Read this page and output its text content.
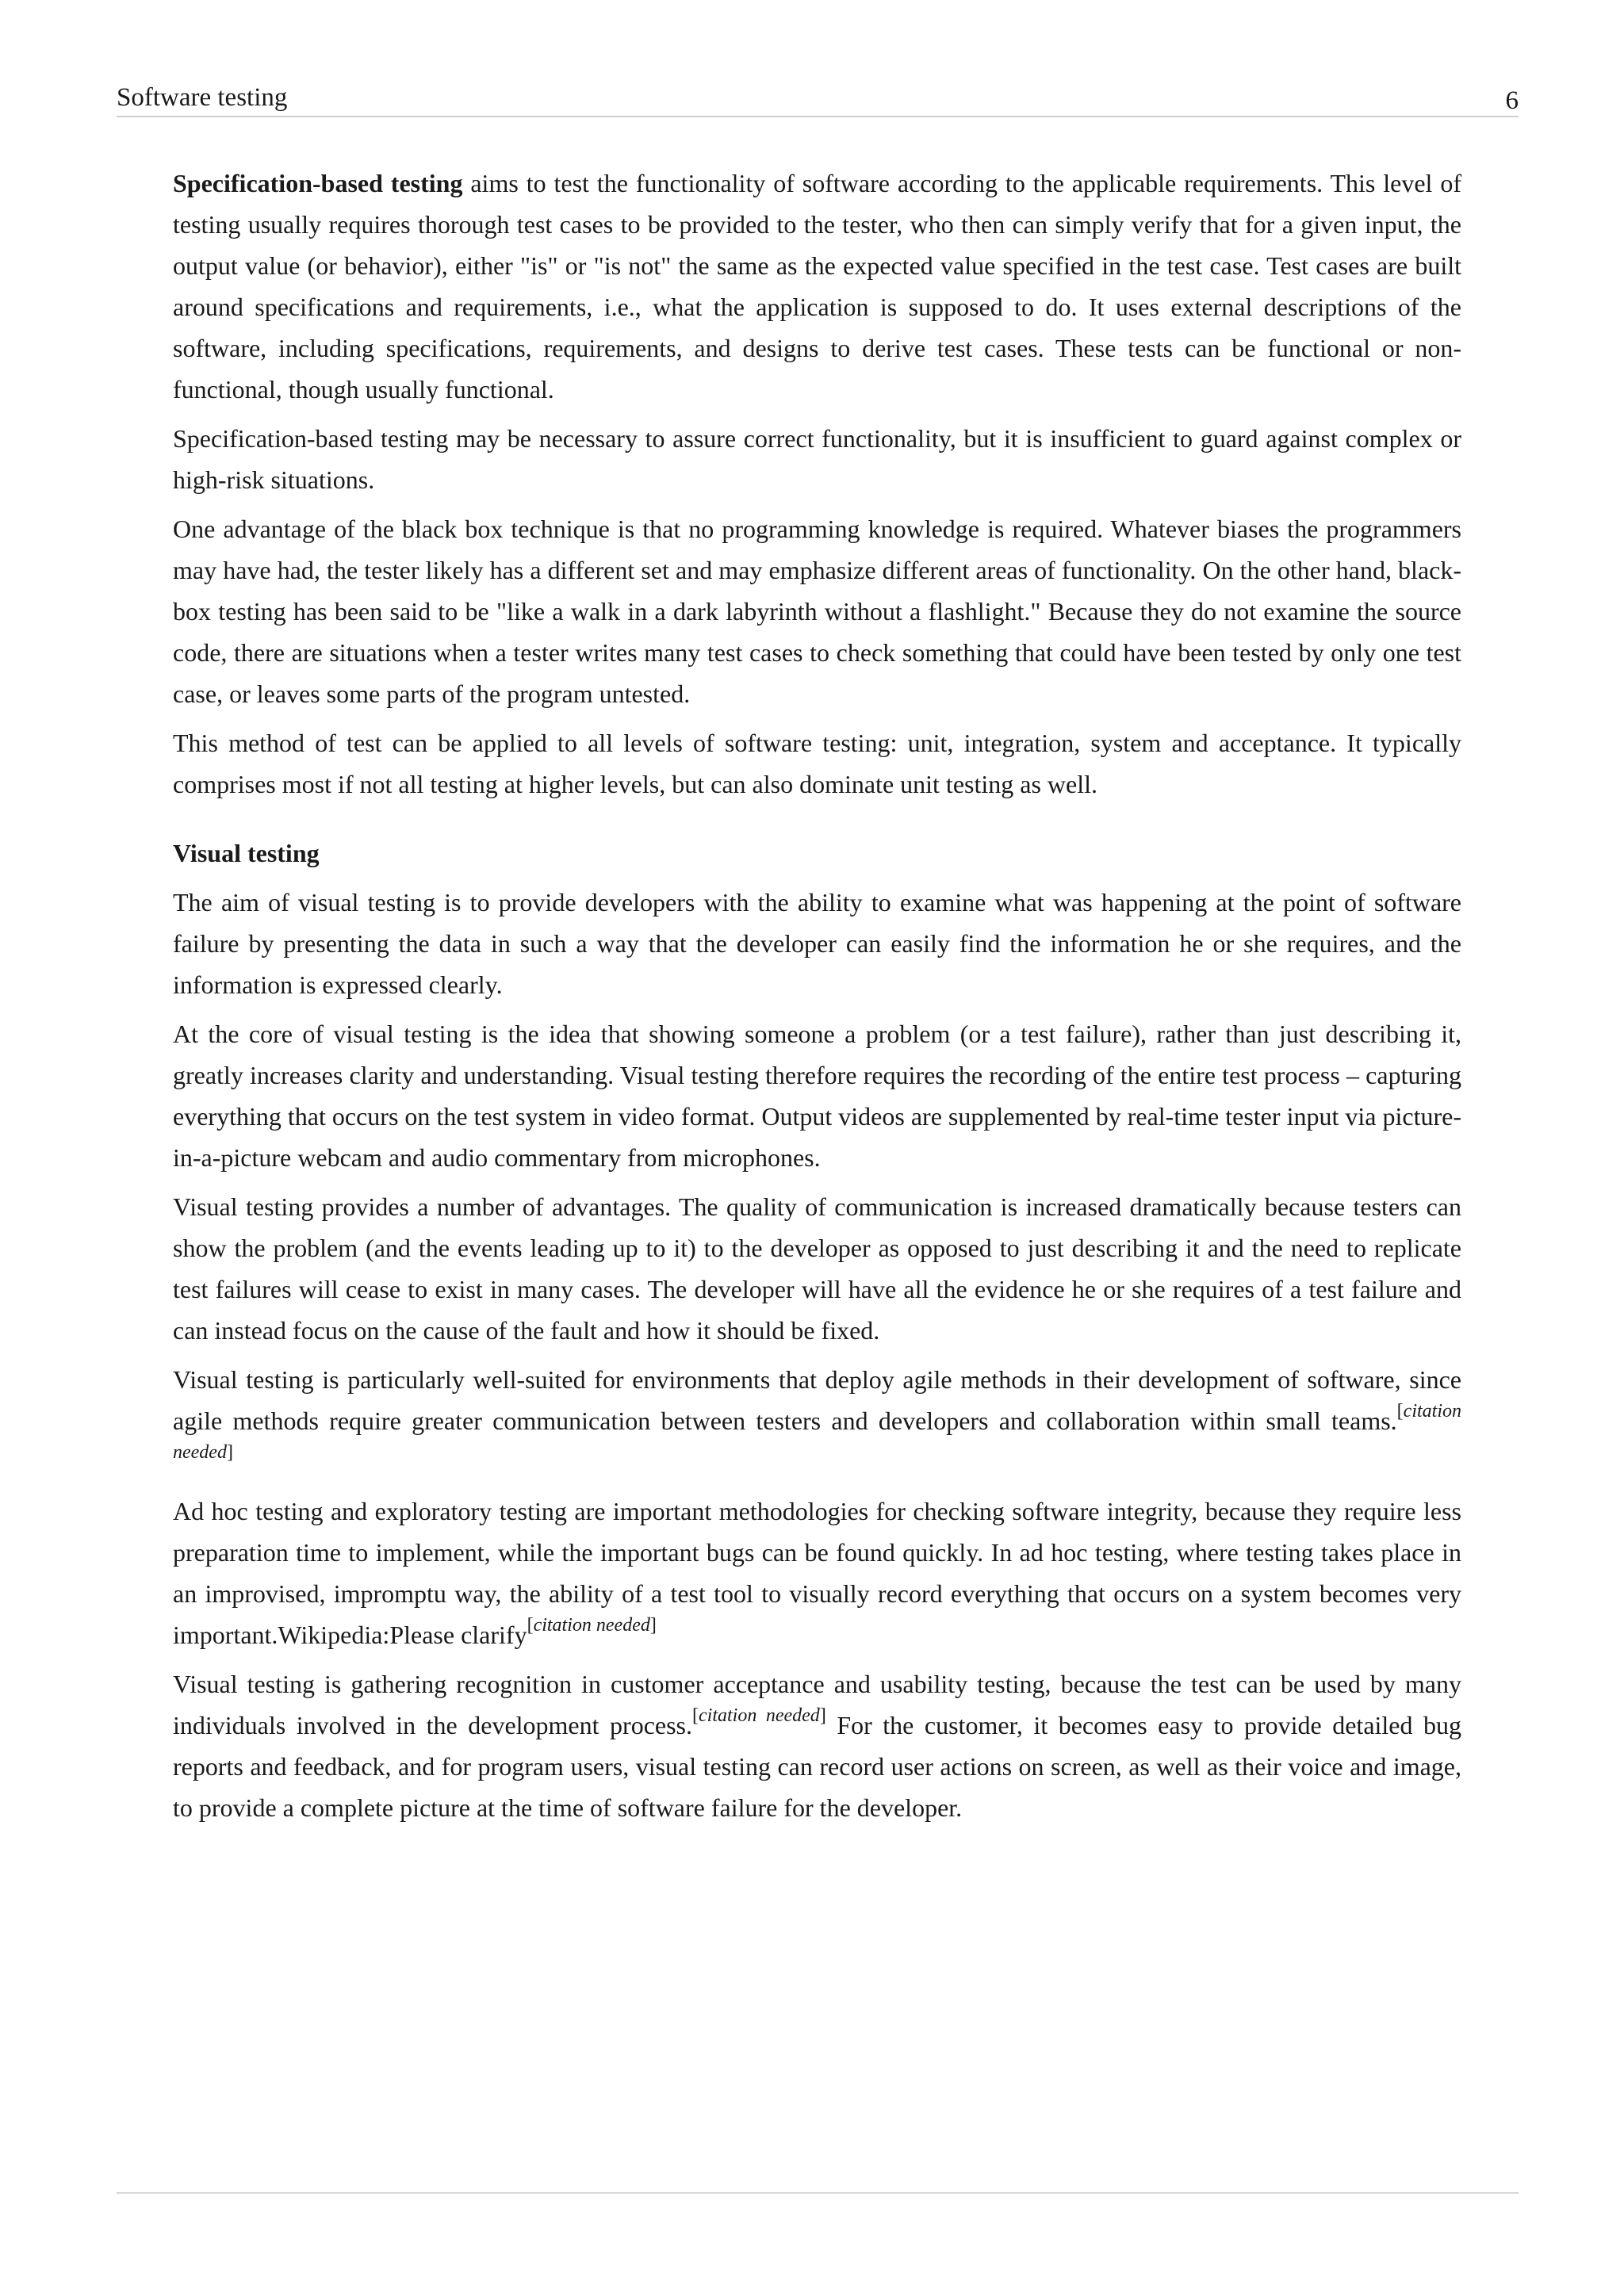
Software testing	6

Specification-based testing aims to test the functionality of software according to the applicable requirements. This level of testing usually requires thorough test cases to be provided to the tester, who then can simply verify that for a given input, the output value (or behavior), either "is" or "is not" the same as the expected value specified in the test case. Test cases are built around specifications and requirements, i.e., what the application is supposed to do. It uses external descriptions of the software, including specifications, requirements, and designs to derive test cases. These tests can be functional or non-functional, though usually functional.

Specification-based testing may be necessary to assure correct functionality, but it is insufficient to guard against complex or high-risk situations.

One advantage of the black box technique is that no programming knowledge is required. Whatever biases the programmers may have had, the tester likely has a different set and may emphasize different areas of functionality. On the other hand, black-box testing has been said to be "like a walk in a dark labyrinth without a flashlight." Because they do not examine the source code, there are situations when a tester writes many test cases to check something that could have been tested by only one test case, or leaves some parts of the program untested.

This method of test can be applied to all levels of software testing: unit, integration, system and acceptance. It typically comprises most if not all testing at higher levels, but can also dominate unit testing as well.

Visual testing

The aim of visual testing is to provide developers with the ability to examine what was happening at the point of software failure by presenting the data in such a way that the developer can easily find the information he or she requires, and the information is expressed clearly.

At the core of visual testing is the idea that showing someone a problem (or a test failure), rather than just describing it, greatly increases clarity and understanding. Visual testing therefore requires the recording of the entire test process – capturing everything that occurs on the test system in video format. Output videos are supplemented by real-time tester input via picture-in-a-picture webcam and audio commentary from microphones.

Visual testing provides a number of advantages. The quality of communication is increased dramatically because testers can show the problem (and the events leading up to it) to the developer as opposed to just describing it and the need to replicate test failures will cease to exist in many cases. The developer will have all the evidence he or she requires of a test failure and can instead focus on the cause of the fault and how it should be fixed.

Visual testing is particularly well-suited for environments that deploy agile methods in their development of software, since agile methods require greater communication between testers and developers and collaboration within small teams.[citation needed]

Ad hoc testing and exploratory testing are important methodologies for checking software integrity, because they require less preparation time to implement, while the important bugs can be found quickly. In ad hoc testing, where testing takes place in an improvised, impromptu way, the ability of a test tool to visually record everything that occurs on a system becomes very important.Wikipedia:Please clarify[citation needed]

Visual testing is gathering recognition in customer acceptance and usability testing, because the test can be used by many individuals involved in the development process.[citation needed] For the customer, it becomes easy to provide detailed bug reports and feedback, and for program users, visual testing can record user actions on screen, as well as their voice and image, to provide a complete picture at the time of software failure for the developer.
